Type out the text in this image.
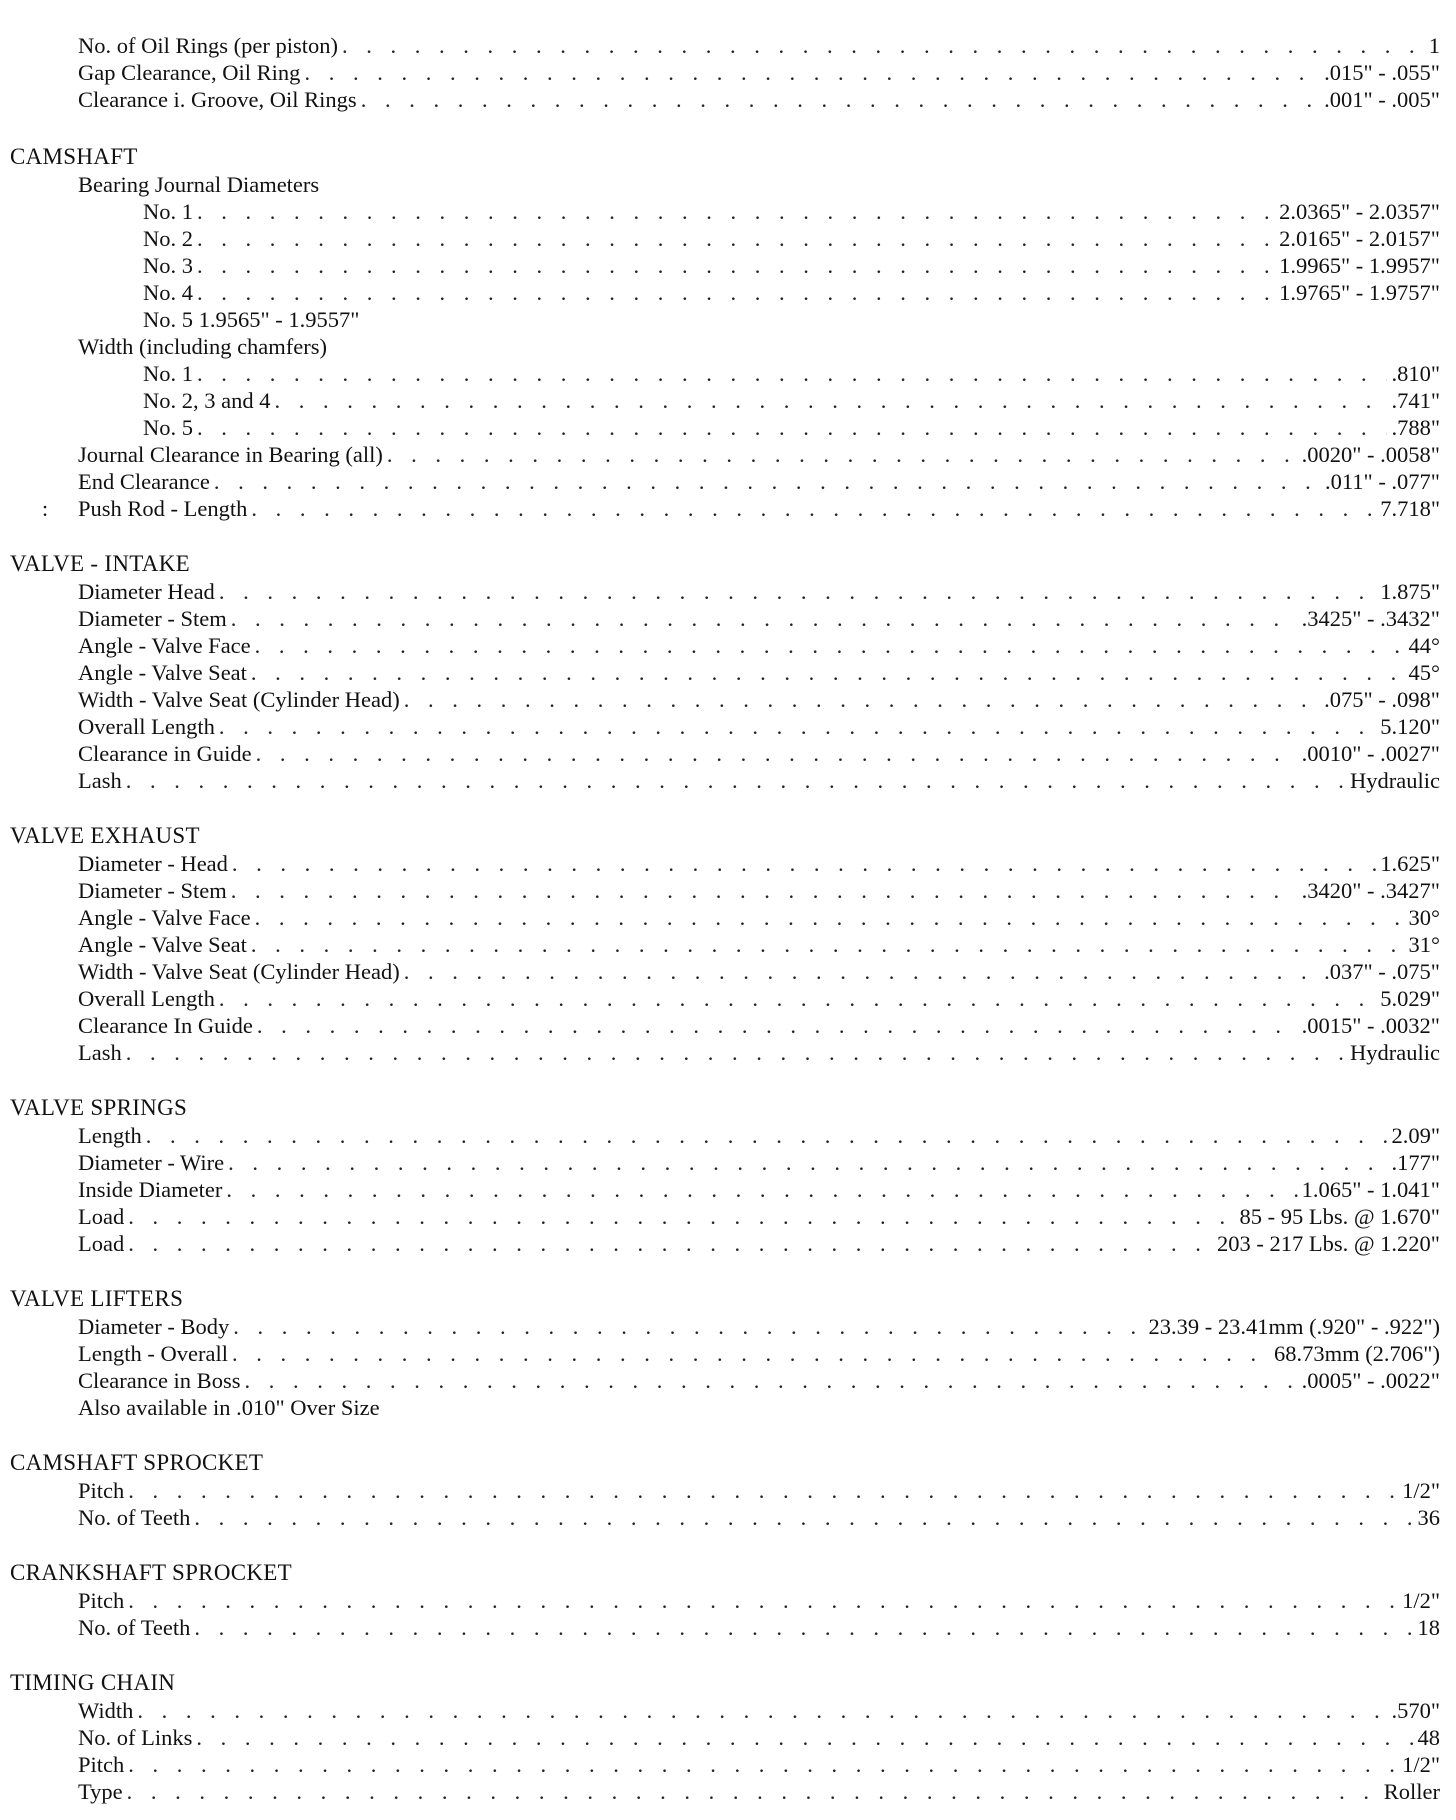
No. of Oil Rings (per piston) . . .	1
Gap Clearance, Oil Ring . . .	.015" - .055"
Clearance i. Groove, Oil Rings . . .	.001" - .005"
CAMSHAFT
Bearing Journal Diameters
No. 1 . . .	2.0365" - 2.0357"
No. 2 . . .	2.0165" - 2.0157"
No. 3 . . .	1.9965" - 1.9957"
No. 4 . . .	1.9765" - 1.9757"
No. 5 1.9565" - 1.9557"
Width (including chamfers)
No. 1 . . .	.810"
No. 2, 3 and 4 . . .	.741"
No. 5 . . .	.788"
Journal Clearance in Bearing (all) . . .	.0020" - .0058"
End Clearance . . .	.011" - .077"
: Push Rod - Length . . .	7.718"
VALVE - INTAKE
Diameter Head . . .	1.875"
Diameter - Stem . . .	.3425" - .3432"
Angle - Valve Face . . .	44°
Angle - Valve Seat . . .	45°
Width - Valve Seat (Cylinder Head) . . .	.075" - .098"
Overall Length . . .	5.120"
Clearance in Guide . . .	.0010" - .0027"
Lash . . .	Hydraulic
VALVE EXHAUST
Diameter - Head . . .	1.625"
Diameter - Stem . . .	.3420" - .3427"
Angle - Valve Face . . .	30°
Angle - Valve Seat . . .	31°
Width - Valve Seat (Cylinder Head) . . .	.037" - .075"
Overall Length . . .	5.029"
Clearance In Guide . . .	.0015" - .0032"
Lash . . .	Hydraulic
VALVE SPRINGS
Length . . .	2.09"
Diameter - Wire . . .	.177"
Inside Diameter . . .	1.065" - 1.041"
Load . . .	85 - 95 Lbs. @ 1.670"
Load . . .	203 - 217 Lbs. @ 1.220"
VALVE LIFTERS
Diameter - Body . . .	23.39 - 23.41mm (.920" - .922")
Length - Overall . . .	68.73mm (2.706")
Clearance in Boss . . .	.0005" - .0022"
Also available in .010" Over Size
CAMSHAFT SPROCKET
Pitch . . .	1/2"
No. of Teeth . . .	36
CRANKSHAFT SPROCKET
Pitch . . .	1/2"
No. of Teeth . . .	18
TIMING CHAIN
Width . . .	.570"
No. of Links . . .	48
Pitch . . .	1/2"
Type . . .	Roller
